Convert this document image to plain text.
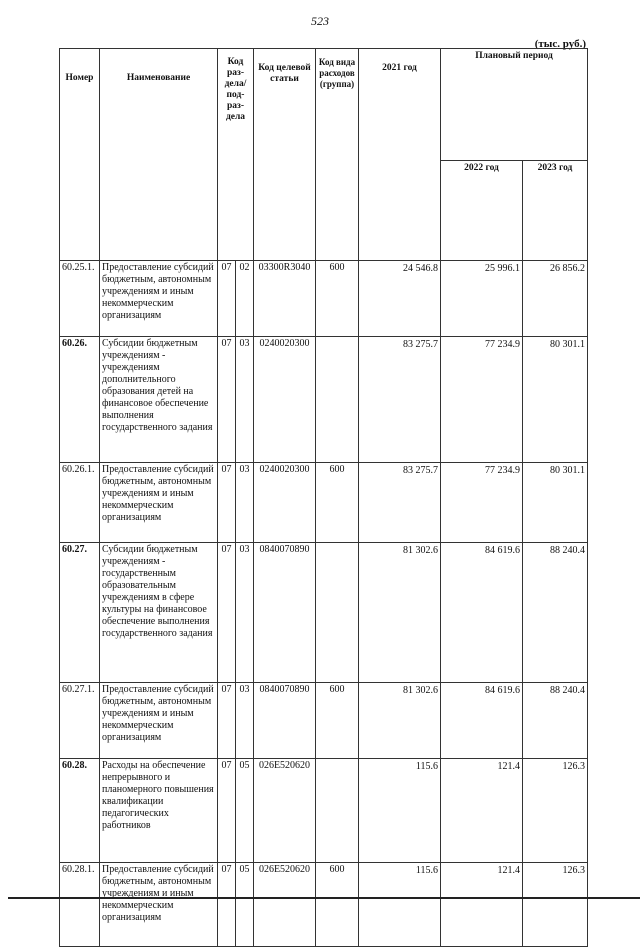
523
(тыс. руб.)
Номер	Наименование	Код раз-дела/ под-раз-дела		Код целевой статьи	Код вида расходов (группа)	2021 год	Плановый период	
							2022 год	2023 год
60.25.1.	Предоставление субсидий бюджетным, автономным учреждениям и иным некоммерческим организациям	07	02	03300R3040	600	24 546.8	25 996.1	26 856.2
60.26.	Субсидии бюджетным учреждениям - учреждениям дополнительного образования детей на финансовое обеспечение выполнения государственного задания	07	03	0240020300		83 275.7	77 234.9	80 301.1
60.26.1.	Предоставление субсидий бюджетным, автономным учреждениям и иным некоммерческим организациям	07	03	0240020300	600	83 275.7	77 234.9	80 301.1
60.27.	Субсидии бюджетным учреждениям - государственным образовательным учреждениям в сфере культуры на финансовое обеспечение выполнения государственного задания	07	03	0840070890		81 302.6	84 619.6	88 240.4
60.27.1.	Предоставление субсидий бюджетным, автономным учреждениям и иным некоммерческим организациям	07	03	0840070890	600	81 302.6	84 619.6	88 240.4
60.28.	Расходы на обеспечение непрерывного и планомерного повышения квалификации педагогических работников	07	05	026E520620		115.6	121.4	126.3
60.28.1.	Предоставление субсидий бюджетным, автономным учреждениям и иным некоммерческим организациям	07	05	026E520620	600	115.6	121.4	126.3
